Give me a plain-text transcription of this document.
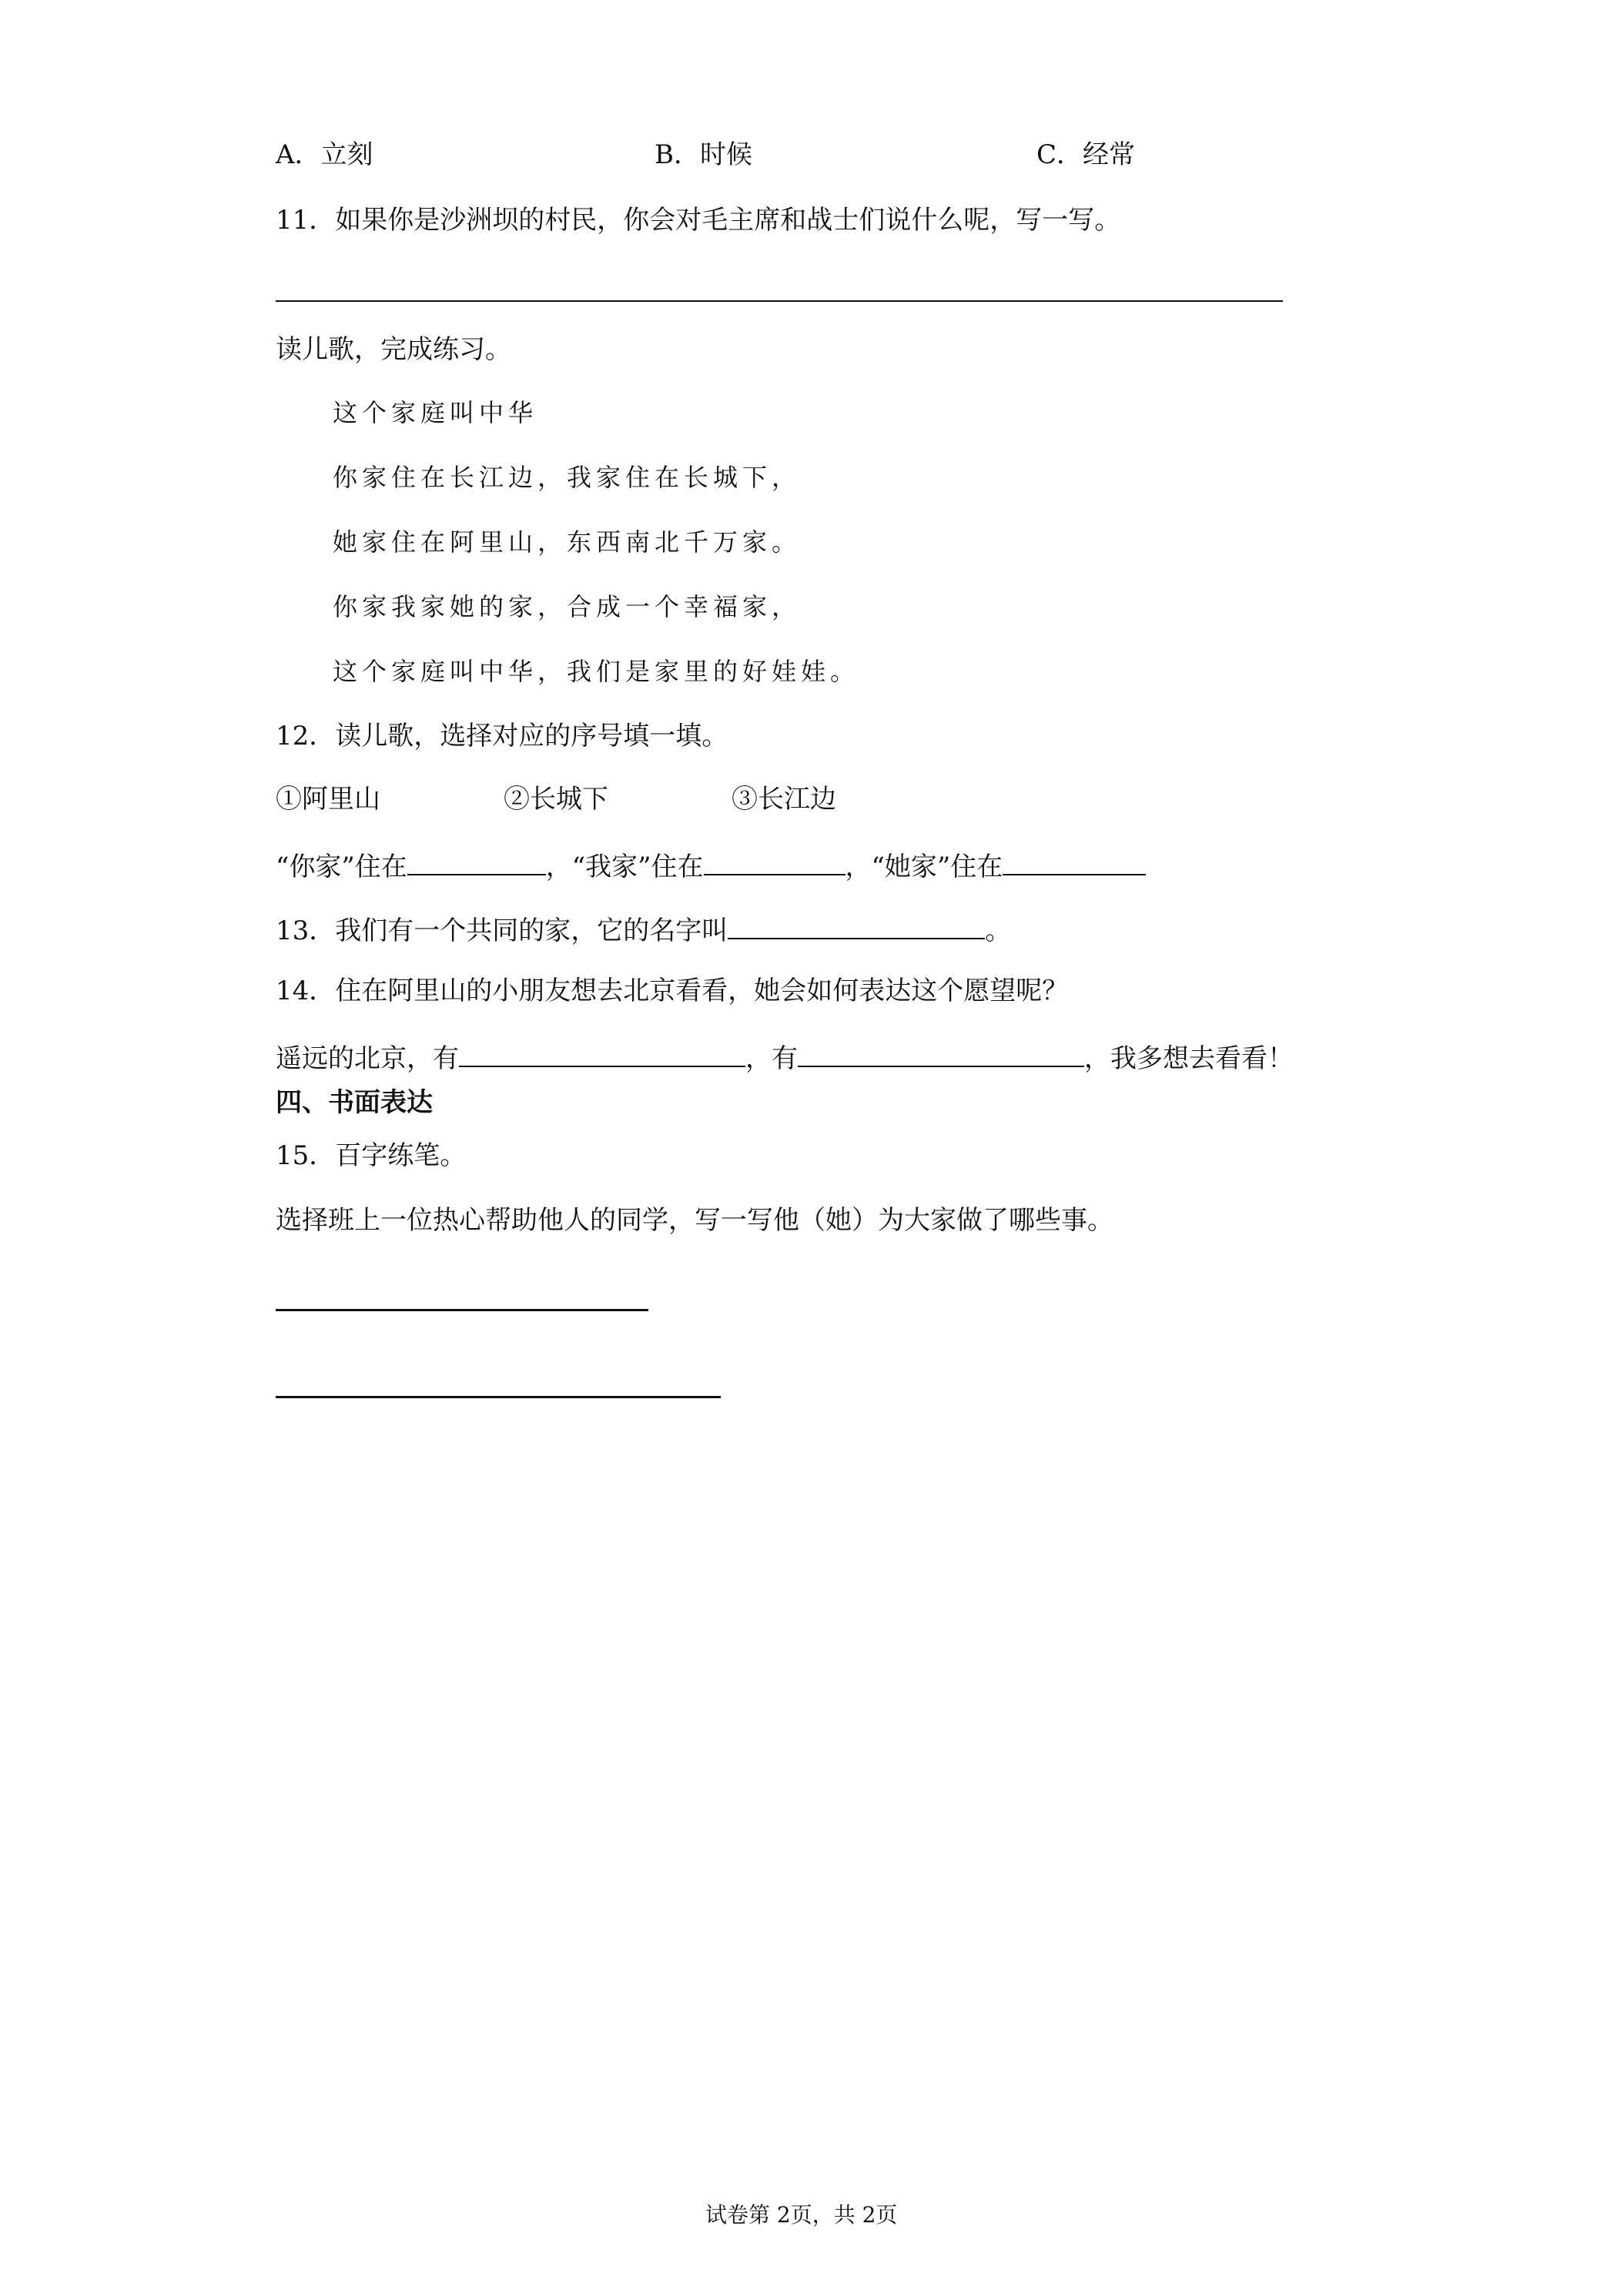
A．立刻	B．时候	C．经常
11．如果你是沙洲坝的村民，你会对毛主席和战士们说什么呢，写一写。
读儿歌，完成练习。
这个家庭叫中华
你家住在长江边，我家住在长城下，
她家住在阿里山，东西南北千万家。
你家我家她的家，合成一个幸福家，
这个家庭叫中华，我们是家里的好娃娃。
12．读儿歌，选择对应的序号填一填。
①阿里山	②长城下	③长江边
“你家”住在	，“我家”住在	，“她家”住在
13．我们有一个共同的家，它的名字叫	。
14．住在阿里山的小朋友想去北京看看，她会如何表达这个愿望呢？
遥远的北京，有	，有	，我多想去看看！
四、书面表达
15．百字练笔。
选择班上一位热心帮助他人的同学，写一写他（她）为大家做了哪些事。
试卷第 2页，共 2页
